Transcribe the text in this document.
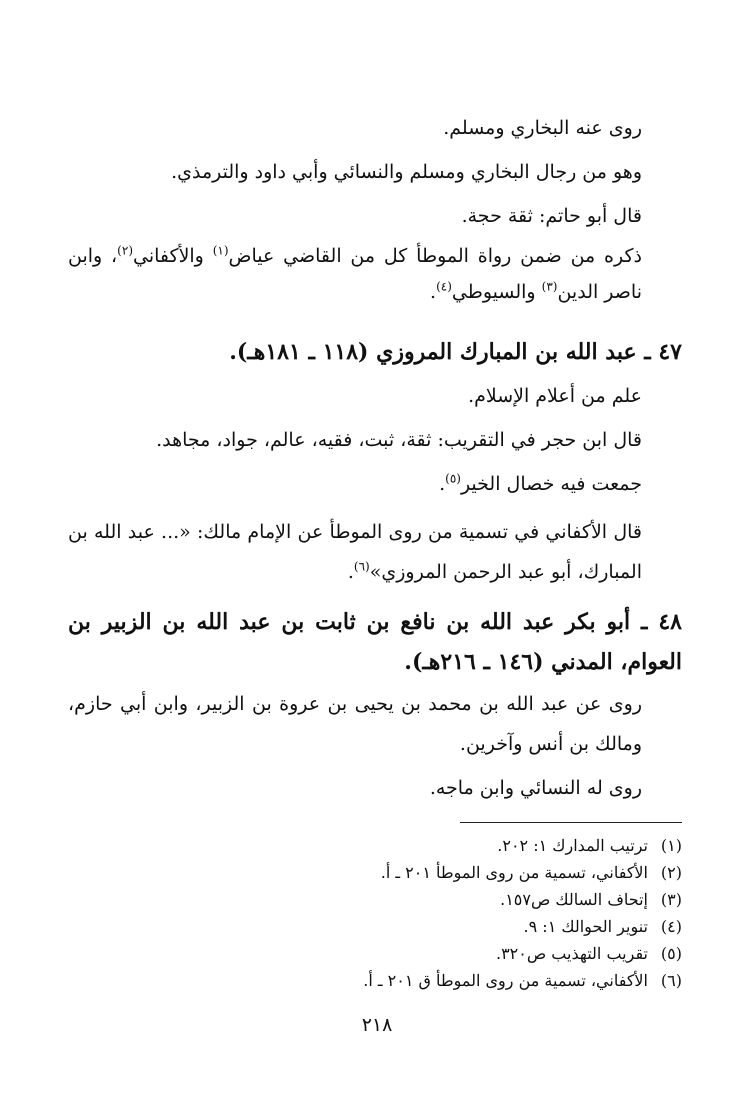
روى عنه البخاري ومسلم.
وهو من رجال البخاري ومسلم والنسائي وأبي داود والترمذي.
قال أبو حاتم: ثقة حجة.
ذكره من ضمن رواة الموطأ كل من القاضي عياض$^{(١)}$ والأكفاني$^{(٢)}$، وابن ناصر الدين$^{(٣)}$ والسيوطي$^{(٤)}$.
٤٧ ـ عبد الله بن المبارك المروزي (١١٨ ـ ١٨١هـ).
علم من أعلام الإسلام.
قال ابن حجر في التقريب: ثقة، ثبت، فقيه، عالم، جواد، مجاهد.
جمعت فيه خصال الخير$^{(٥)}$.
قال الأكفاني في تسمية من روى الموطأ عن الإمام مالك: «... عبد الله بن المبارك، أبو عبد الرحمن المروزي»$^{(٦)}$.
٤٨ ـ أبو بكر عبد الله بن نافع بن ثابت بن عبد الله بن الزبير بن العوام، المدني (١٤٦ ـ ٢١٦هـ).
روى عن عبد الله بن محمد بن يحيى بن عروة بن الزبير، وابن أبي حازم، ومالك بن أنس وآخرين.
روى له النسائي وابن ماجه.
(١)ترتيب المدارك ١: ٢٠٢.
(٢)الأكفاني، تسمية من روى الموطأ ٢٠١ ـ أ.
(٣)إتحاف السالك ص١٥٧.
(٤)تنوير الحوالك ١: ٩.
(٥)تقريب التهذيب ص٣٢٠.
(٦)الأكفاني، تسمية من روى الموطأ ق ٢٠١ ـ أ.
٢١٨
